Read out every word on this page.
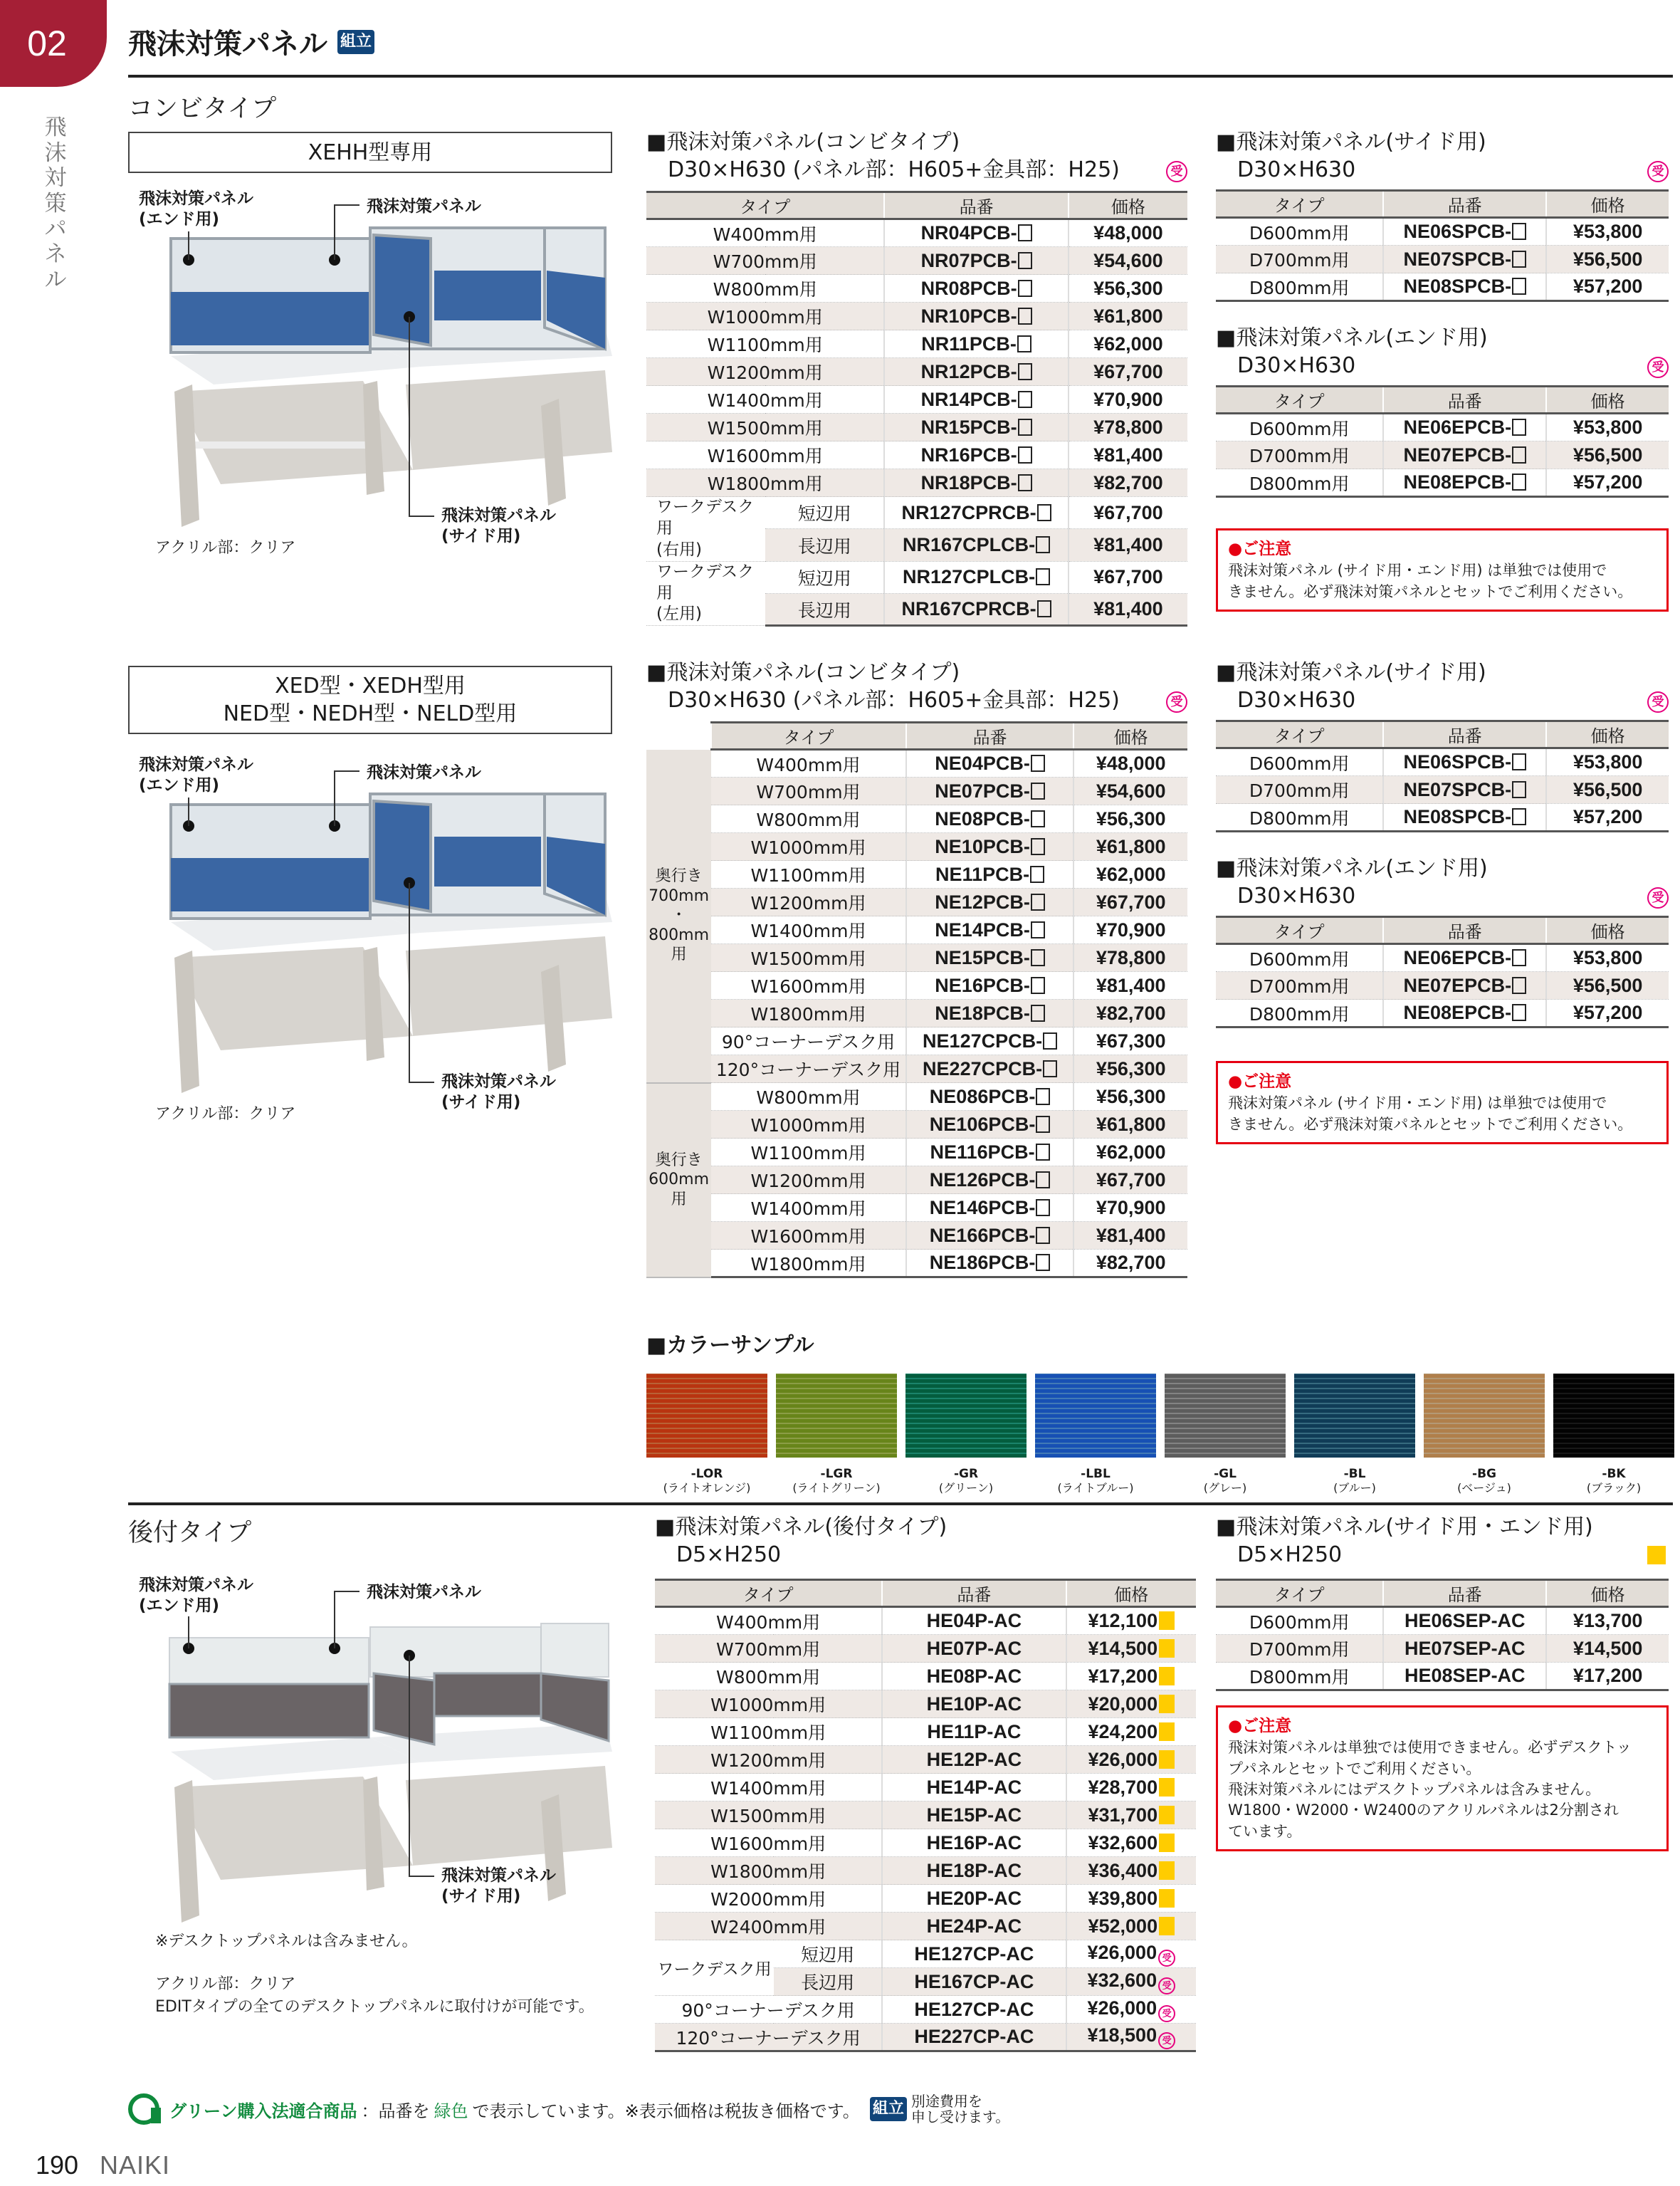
02
飛
沫
対
策
パ
ネ
ル
飛沫対策パネル 組立
コンビタイプ
XEHH型専用
飛沫対策パネル
(エンド用)
飛沫対策パネル
飛沫対策パネル
(サイド用)
アクリル部：クリア
■飛沫対策パネル(コンビタイプ)
D30×H630 (パネル部：H605+金具部：H25)	受
タイプ		品番	価格
W400mm用		NR04PCB-	¥48,000
W700mm用		NR07PCB-	¥54,600
W800mm用		NR08PCB-	¥56,300
W1000mm用		NR10PCB-	¥61,800
W1100mm用		NR11PCB-	¥62,000
W1200mm用		NR12PCB-	¥67,700
W1400mm用		NR14PCB-	¥70,900
W1500mm用		NR15PCB-	¥78,800
W1600mm用		NR16PCB-	¥81,400
W1800mm用		NR18PCB-	¥82,700
ワークデスク用
(右用)	短辺用	NR127CPRCB-	¥67,700
	長辺用	NR167CPLCB-	¥81,400
ワークデスク用
(左用)	短辺用	NR127CPLCB-	¥67,700
	長辺用	NR167CPRCB-	¥81,400
■飛沫対策パネル(サイド用)
D30×H630	受
タイプ	品番	価格
D600mm用	NE06SPCB-	¥53,800
D700mm用	NE07SPCB-	¥56,500
D800mm用	NE08SPCB-	¥57,200
■飛沫対策パネル(エンド用)
D30×H630	受
タイプ	品番	価格
D600mm用	NE06EPCB-	¥53,800
D700mm用	NE07EPCB-	¥56,500
D800mm用	NE08EPCB-	¥57,200
●ご注意
飛沫対策パネル (サイド用・エンド用) は単独では使用で
きません。必ず飛沫対策パネルとセットでご利用ください。
XED型・XEDH型用
NED型・NEDH型・NELD型用
飛沫対策パネル
(エンド用)
飛沫対策パネル
飛沫対策パネル
(サイド用)
アクリル部：クリア
■飛沫対策パネル(コンビタイプ)
D30×H630 (パネル部：H605+金具部：H25)	受
	タイプ	品番	価格
奥行き
700mm
・
800mm
用	W400mm用	NE04PCB-	¥48,000
	W700mm用	NE07PCB-	¥54,600
	W800mm用	NE08PCB-	¥56,300
	W1000mm用	NE10PCB-	¥61,800
	W1100mm用	NE11PCB-	¥62,000
	W1200mm用	NE12PCB-	¥67,700
	W1400mm用	NE14PCB-	¥70,900
	W1500mm用	NE15PCB-	¥78,800
	W1600mm用	NE16PCB-	¥81,400
	W1800mm用	NE18PCB-	¥82,700
	90°コーナーデスク用	NE127CPCB-	¥67,300
	120°コーナーデスク用	NE227CPCB-	¥56,300
奥行き
600mm
用	W800mm用	NE086PCB-	¥56,300
	W1000mm用	NE106PCB-	¥61,800
	W1100mm用	NE116PCB-	¥62,000
	W1200mm用	NE126PCB-	¥67,700
	W1400mm用	NE146PCB-	¥70,900
	W1600mm用	NE166PCB-	¥81,400
	W1800mm用	NE186PCB-	¥82,700
■飛沫対策パネル(サイド用)
D30×H630	受
タイプ	品番	価格
D600mm用	NE06SPCB-	¥53,800
D700mm用	NE07SPCB-	¥56,500
D800mm用	NE08SPCB-	¥57,200
■飛沫対策パネル(エンド用)
D30×H630	受
タイプ	品番	価格
D600mm用	NE06EPCB-	¥53,800
D700mm用	NE07EPCB-	¥56,500
D800mm用	NE08EPCB-	¥57,200
●ご注意
飛沫対策パネル (サイド用・エンド用) は単独では使用で
きません。必ず飛沫対策パネルとセットでご利用ください。
■カラーサンプル
-LOR
(ライトオレンジ)
-LGR
(ライトグリーン)
-GR
(グリーン)
-LBL
(ライトブルー)
-GL
(グレー)
-BL
(ブルー)
-BG
(ベージュ)
-BK
(ブラック)
後付タイプ
飛沫対策パネル
(エンド用)
飛沫対策パネル
飛沫対策パネル
(サイド用)
※デスクトップパネルは含みません。
アクリル部：クリア
EDITタイプの全てのデスクトップパネルに取付けが可能です。
■飛沫対策パネル(後付タイプ)
D5×H250
タイプ		品番	価格
W400mm用		HE04P-AC	¥12,100
W700mm用		HE07P-AC	¥14,500
W800mm用		HE08P-AC	¥17,200
W1000mm用		HE10P-AC	¥20,000
W1100mm用		HE11P-AC	¥24,200
W1200mm用		HE12P-AC	¥26,000
W1400mm用		HE14P-AC	¥28,700
W1500mm用		HE15P-AC	¥31,700
W1600mm用		HE16P-AC	¥32,600
W1800mm用		HE18P-AC	¥36,400
W2000mm用		HE20P-AC	¥39,800
W2400mm用		HE24P-AC	¥52,000
ワークデスク用	短辺用	HE127CP-AC	¥26,000 受
	長辺用	HE167CP-AC	¥32,600 受
90°コーナーデスク用		HE127CP-AC	¥26,000 受
120°コーナーデスク用		HE227CP-AC	¥18,500 受
■飛沫対策パネル(サイド用・エンド用)
D5×H250
タイプ	品番	価格
D600mm用	HE06SEP-AC	¥13,700
D700mm用	HE07SEP-AC	¥14,500
D800mm用	HE08SEP-AC	¥17,200
●ご注意
飛沫対策パネルは単独では使用できません。必ずデスクトッ
プパネルとセットでご利用ください。
飛沫対策パネルにはデスクトップパネルは含みません。
W1800・W2000・W2400のアクリルパネルは2分割され
ています。
グリーン購入法適合商品 ：品番を 緑色 で表示しています。※表示価格は税抜き価格です。 組立 別途費用を
申し受けます。
190 NAIKI
